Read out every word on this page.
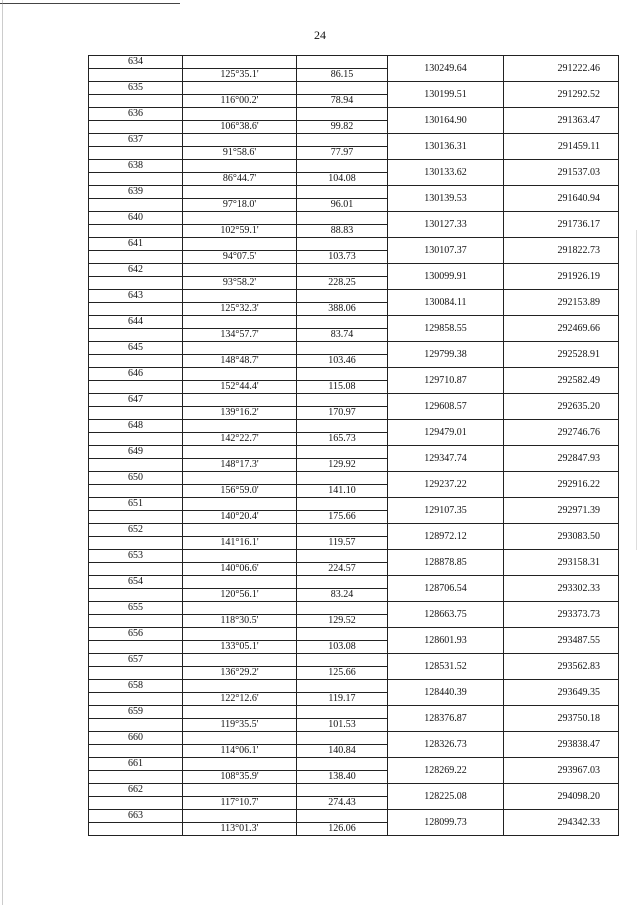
24
634			130249.64	291222.46
	125°35.1'	86.15		
635			130199.51	291292.52
	116°00.2'	78.94		
636			130164.90	291363.47
	106°38.6'	99.82		
637			130136.31	291459.11
	91°58.6'	77.97		
638			130133.62	291537.03
	86°44.7'	104.08		
639			130139.53	291640.94
	97°18.0'	96.01		
640			130127.33	291736.17
	102°59.1'	88.83		
641			130107.37	291822.73
	94°07.5'	103.73		
642			130099.91	291926.19
	93°58.2'	228.25		
643			130084.11	292153.89
	125°32.3'	388.06		
644			129858.55	292469.66
	134°57.7'	83.74		
645			129799.38	292528.91
	148°48.7'	103.46		
646			129710.87	292582.49
	152°44.4'	115.08		
647			129608.57	292635.20
	139°16.2'	170.97		
648			129479.01	292746.76
	142°22.7'	165.73		
649			129347.74	292847.93
	148°17.3'	129.92		
650			129237.22	292916.22
	156°59.0'	141.10		
651			129107.35	292971.39
	140°20.4'	175.66		
652			128972.12	293083.50
	141°16.1'	119.57		
653			128878.85	293158.31
	140°06.6'	224.57		
654			128706.54	293302.33
	120°56.1'	83.24		
655			128663.75	293373.73
	118°30.5'	129.52		
656			128601.93	293487.55
	133°05.1'	103.08		
657			128531.52	293562.83
	136°29.2'	125.66		
658			128440.39	293649.35
	122°12.6'	119.17		
659			128376.87	293750.18
	119°35.5'	101.53		
660			128326.73	293838.47
	114°06.1'	140.84		
661			128269.22	293967.03
	108°35.9'	138.40		
662			128225.08	294098.20
	117°10.7'	274.43		
663			128099.73	294342.33
	113°01.3'	126.06		
